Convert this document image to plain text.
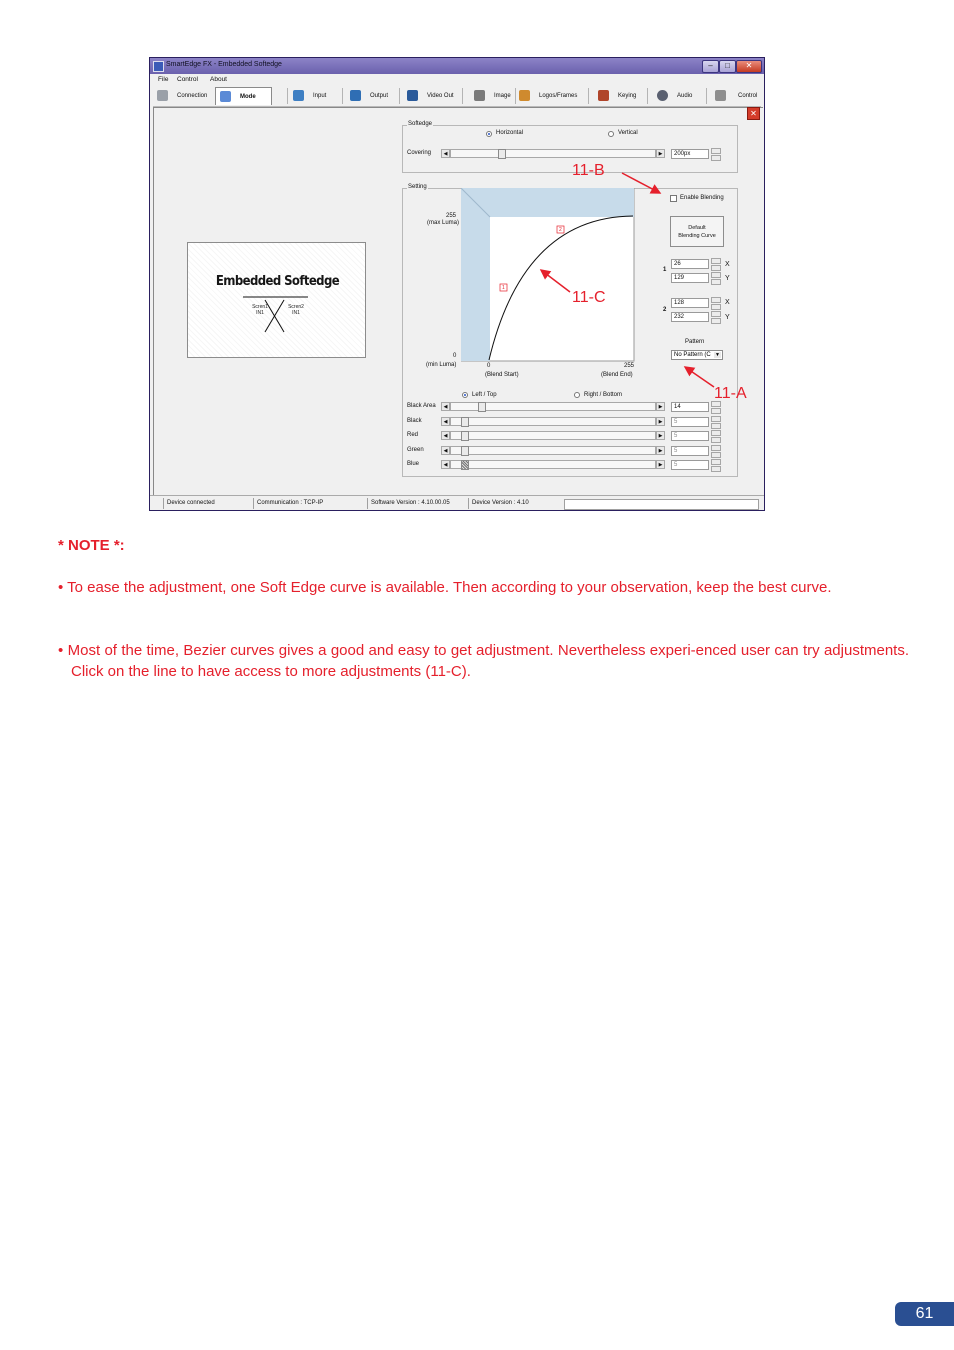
SmartEdge FX - Embedded Softedge	–	□	✕
File Control About
Connection	Mode	Input	Output	Video Out	Image	Logos/Frames	Keying	Audio	Control
✕
Embedded Softedge
Scren1
IN1
Scren2
IN1
Softedge
Horizontal	Vertical
Covering	◀	▶	200px
Setting
255
(max Luma)
0
(min Luma)	0
(Blend Start)
255
(Blend End)
1
2
Enable Blending
Default
Blending Curve
1
26	X
129	Y
2
128	X
232	Y
Pattern
No Pattern (C ▼
Left / Top	Right / Bottom
Black Area	◀	▶	14
Black	◀	▶	5
Red	◀	▶	5
Green	◀	▶	5
Blue	◀	▶	5
Device connected	Communication : TCP-IP	Software Version : 4.10.00.05	Device Version : 4.10
11-B
11-C
11-A
* NOTE *:
• To ease the adjustment, one Soft Edge curve is available. Then according to your observation, keep the best curve.
• Most of the time, Bezier curves gives a good and easy to get adjustment. Nevertheless experi-enced user can try adjustments. Click on the line to have access to more adjustments (11-C).
61
